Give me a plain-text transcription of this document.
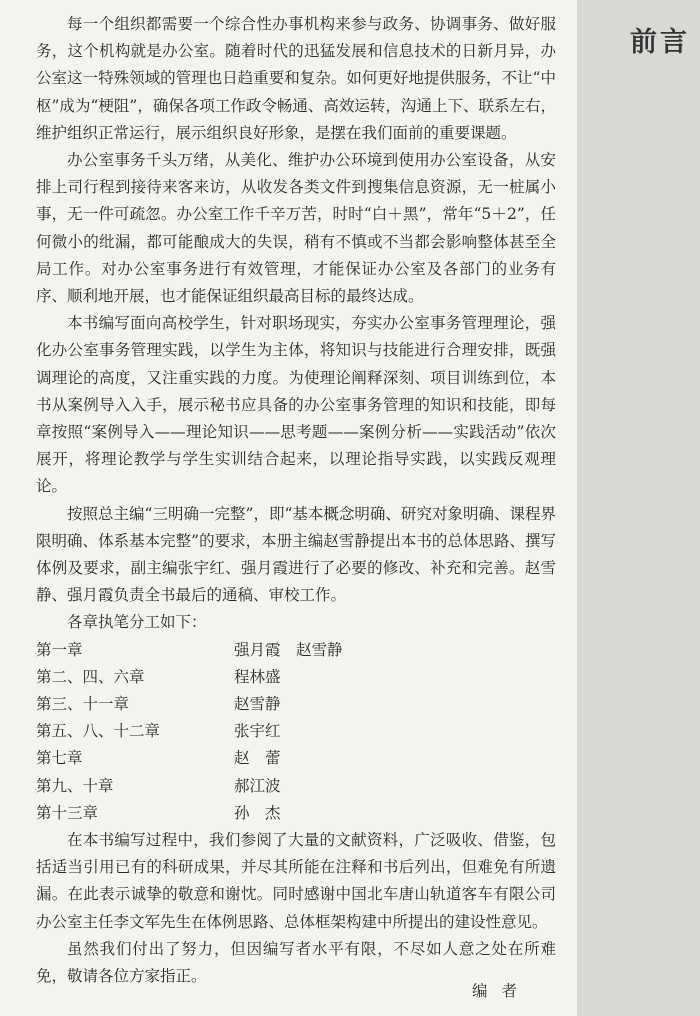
前言

每一个组织都需要一个综合性办事机构来参与政务、协调事务、做好服务，这个机构就是办公室。随着时代的迅猛发展和信息技术的日新月异，办公室这一特殊领域的管理也日趋重要和复杂。如何更好地提供服务，不让“中枢”成为“梗阻”，确保各项工作政令畅通、高效运转，沟通上下、联系左右，维护组织正常运行，展示组织良好形象，是摆在我们面前的重要课题。

办公室事务千头万绪，从美化、维护办公环境到使用办公室设备，从安排上司行程到接待来客来访，从收发各类文件到搜集信息资源，无一桩属小事，无一件可疏忽。办公室工作千辛万苦，时时“白＋黑”，常年“5＋2”，任何微小的纰漏，都可能酿成大的失误，稍有不慎或不当都会影响整体甚至全局工作。对办公室事务进行有效管理，才能保证办公室及各部门的业务有序、顺利地开展，也才能保证组织最高目标的最终达成。

本书编写面向高校学生，针对职场现实，夯实办公室事务管理理论，强化办公室事务管理实践，以学生为主体，将知识与技能进行合理安排，既强调理论的高度，又注重实践的力度。为使理论阐释深刻、项目训练到位，本书从案例导入入手，展示秘书应具备的办公室事务管理的知识和技能，即每章按照“案例导入——理论知识——思考题——案例分析——实践活动”依次展开，将理论教学与学生实训结合起来，以理论指导实践，以实践反观理论。

按照总主编“三明确一完整”，即“基本概念明确、研究对象明确、课程界限明确、体系基本完整”的要求，本册主编赵雪静提出本书的总体思路、撰写体例及要求，副主编张宇红、强月霞进行了必要的修改、补充和完善。赵雪静、强月霞负责全书最后的通稿、审校工作。

各章执笔分工如下：

第一章	强月霞　赵雪静
第二、四、六章	程林盛
第三、十一章	赵雪静
第五、八、十二章	张宇红
第七章	赵　蕾
第九、十章	郝江波
第十三章	孙　杰

在本书编写过程中，我们参阅了大量的文献资料，广泛吸收、借鉴，包括适当引用已有的科研成果，并尽其所能在注释和书后列出，但难免有所遗漏。在此表示诚挚的敬意和谢忱。同时感谢中国北车唐山轨道客车有限公司办公室主任李文军先生在体例思路、总体框架构建中所提出的建设性意见。

虽然我们付出了努力，但因编写者水平有限，不尽如人意之处在所难免，敬请各位方家指正。

编者
